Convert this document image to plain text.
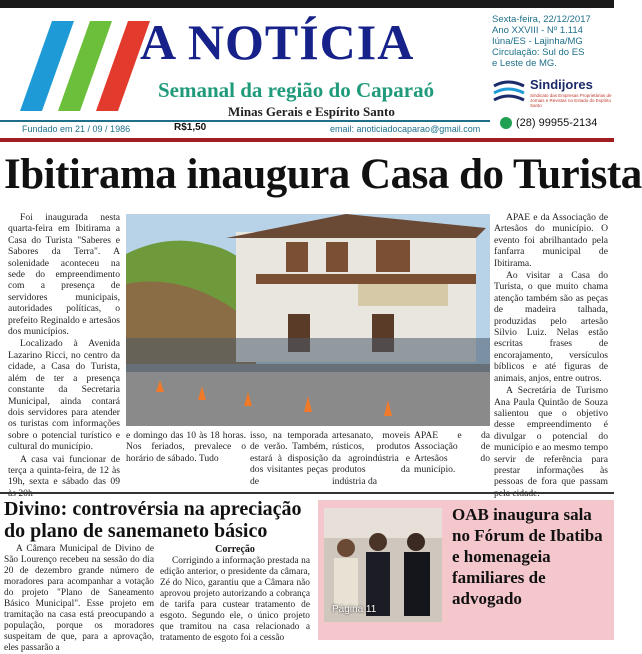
A NOTÍCIA
Semanal da região do Caparaó
Minas Gerais e Espírito Santo
Sexta-feira, 22/12/2017
Ano XXVIII - Nº 1.114
Iúna/ES - Lajinha/MG
Circulação: Sul do ES
e Leste de MG.
Sindijores
Sindicato das Empresas Proprietárias de Jornais e Revistas no Estado do Espírito Santo
(28) 99955-2134
Fundado em 21 / 09 / 1986	R$1,50	email: anoticiadocaparao@gmail.com
Ibitirama inaugura Casa do Turista

Foi inaugurada nesta quarta-feira em Ibitirama a Casa do Turista "Saberes e Sabores da Terra". A solenidade aconteceu na sede do empreendimento com a presença de servidores municipais, autoridades políticas, o prefeito Reginaldo e artesãos dos municípios.

Localizado à Avenida Lazarino Ricci, no centro da cidade, a Casa do Turista, além de ter a presença constante da Secretaria Municipal, ainda contará dois servidores para atender os turistas com informações sobre o potencial turístico e cultural do município.

A casa vai funcionar de terça a quinta-feira, de 12 às 19h, sexta e sábado das 09

e domingo das 10 às 18 horas. Nos feriados, prevalece o horário de sábado. Tudo
isso, na temporada de verão. Também, estará à disposição dos visitantes peças de
artesanato, moveis rústicos, produtos da agroindústria e produtos da indústria da
APAE e da Associação de Artesãos do município.

APAE e da Associação de Artesãos do município. O evento foi abrilhantado pela fanfarra municipal de Ibitirama.

Ao visitar a Casa do Turista, o que muito chama atenção também são as peças de madeira talhada, produzidas pelo artesão Silvio Luiz. Nelas estão escritas frases de encorajamento, versículos bíblicos e até figuras de animais, anjos, entre outros.

A Secretária de Turismo Ana Paula Quintão de Souza salientou que o objetivo desse empreendimento é divulgar o potencial do município e ao mesmo tempo servir de referência para prestar informações às pessoas de fora que passam

Divino: controvérsia na apreciação do plano de sanemaneto básico

A Câmara Municipal de Divino de São Lourenço recebeu na sessão do dia 20 de dezembro grande número de moradores para acompanhar a votação do projeto "Plano de Saneamento Básico Municipal". Esse projeto em tramitação na casa está preocupando a população, porque os moradores suspeitam de que, para a aprovação, eles passarão a

Correção

Corrigindo a informação prestada na edição anterior, o presidente da câmara, Zé do Nico, garantiu que a Câmara não aprovou projeto autorizando a cobrança de tarifa para custear tratamento de esgoto. Segundo ele, o único projeto que tramitou na casa relacionado a tratamento de esgoto foi a cessão

Página 11
OAB inaugura sala no Fórum de Ibatiba e homenageia familiares de advogado
